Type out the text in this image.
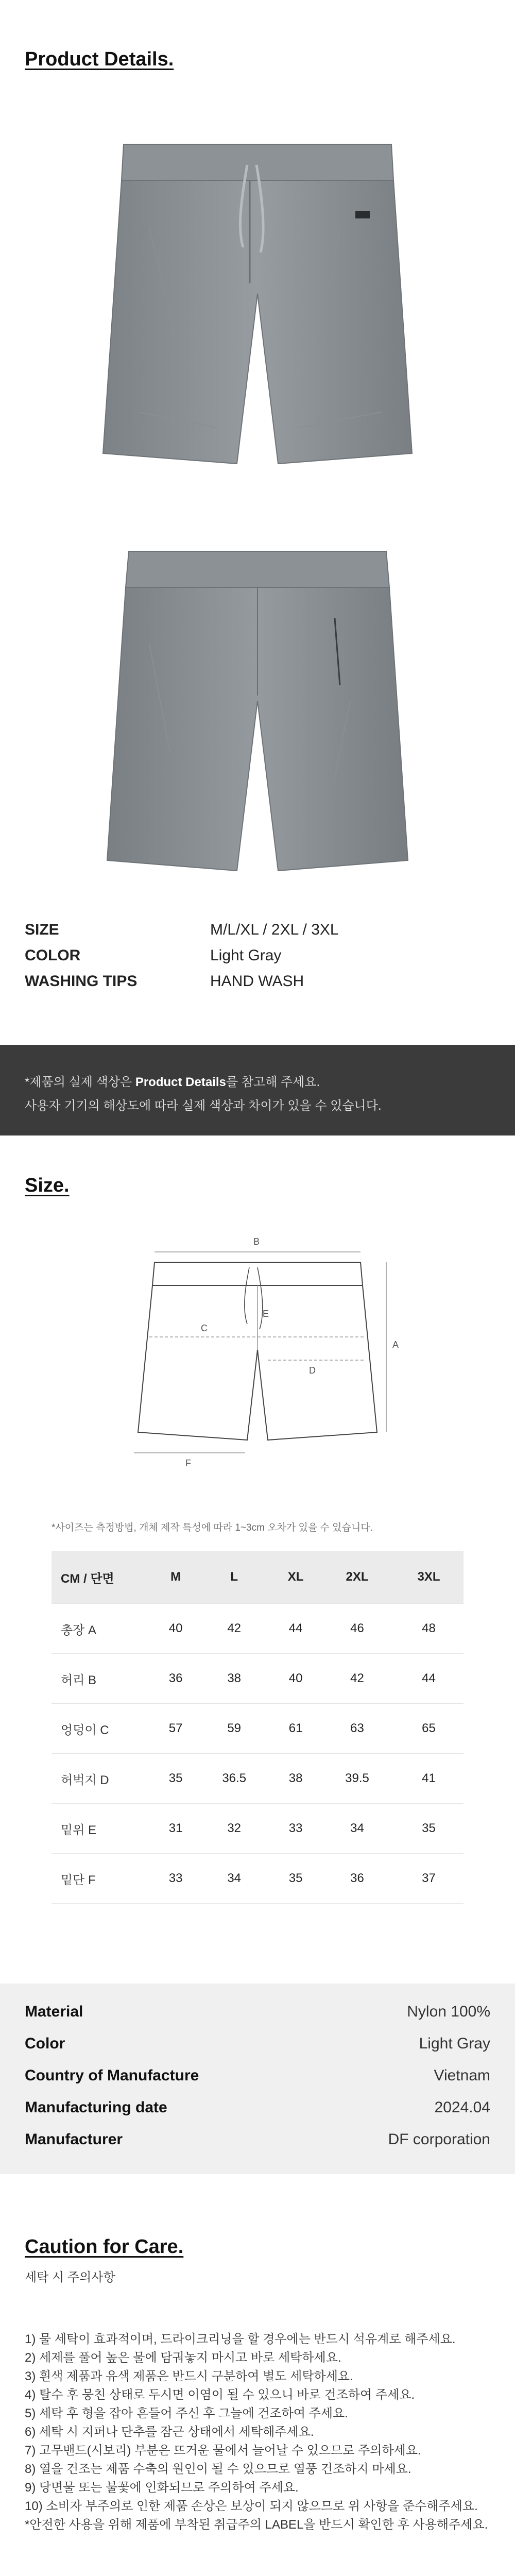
Product Details.
SIZE	M/L/XL / 2XL / 3XL
COLOR	Light Gray
WASHING TIPS	HAND WASH
*제품의 실제 색상은 Product Details를 참고해 주세요.
사용자 기기의 해상도에 따라 실제 색상과 차이가 있을 수 있습니다.
Size.
B
A
C
E
D
F
*사이즈는 측정방법, 개체 제작 특성에 따라 1~3cm 오차가 있을 수 있습니다.
CM / 단면	M	L	XL	2XL	3XL
총장 A	40	42	44	46	48
허리 B	36	38	40	42	44
엉덩이 C	57	59	61	63	65
허벅지 D	35	36.5	38	39.5	41
밑위 E	31	32	33	34	35
밑단 F	33	34	35	36	37
Material	Nylon 100%
Color	Light Gray
Country of Manufacture	Vietnam
Manufacturing date	2024.04
Manufacturer	DF corporation
Caution for Care.
세탁 시 주의사항
1) 물 세탁이 효과적이며, 드라이크리닝을 할 경우에는 반드시 석유계로 해주세요.
2) 세제를 풀어 높은 물에 담궈놓지 마시고 바로 세탁하세요.
3) 흰색 제품과 유색 제품은 반드시 구분하여 별도 세탁하세요.
4) 탈수 후 뭉친 상태로 두시면 이염이 될 수 있으니 바로 건조하여 주세요.
5) 세탁 후 형을 잡아 흔들어 주신 후 그늘에 건조하여 주세요.
6) 세탁 시 지퍼나 단추를 잠근 상태에서 세탁해주세요.
7) 고무밴드(시보리) 부분은 뜨거운 물에서 늘어날 수 있으므로 주의하세요.
8) 열을 건조는 제품 수축의 원인이 될 수 있으므로 열풍 건조하지 마세요.
9) 당면물 또는 불꽃에 인화되므로 주의하여 주세요.
10) 소비자 부주의로 인한 제품 손상은 보상이 되지 않으므로 위 사항을 준수해주세요.
*안전한 사용을 위해 제품에 부착된 취급주의 LABEL을 반드시 확인한 후 사용해주세요.
